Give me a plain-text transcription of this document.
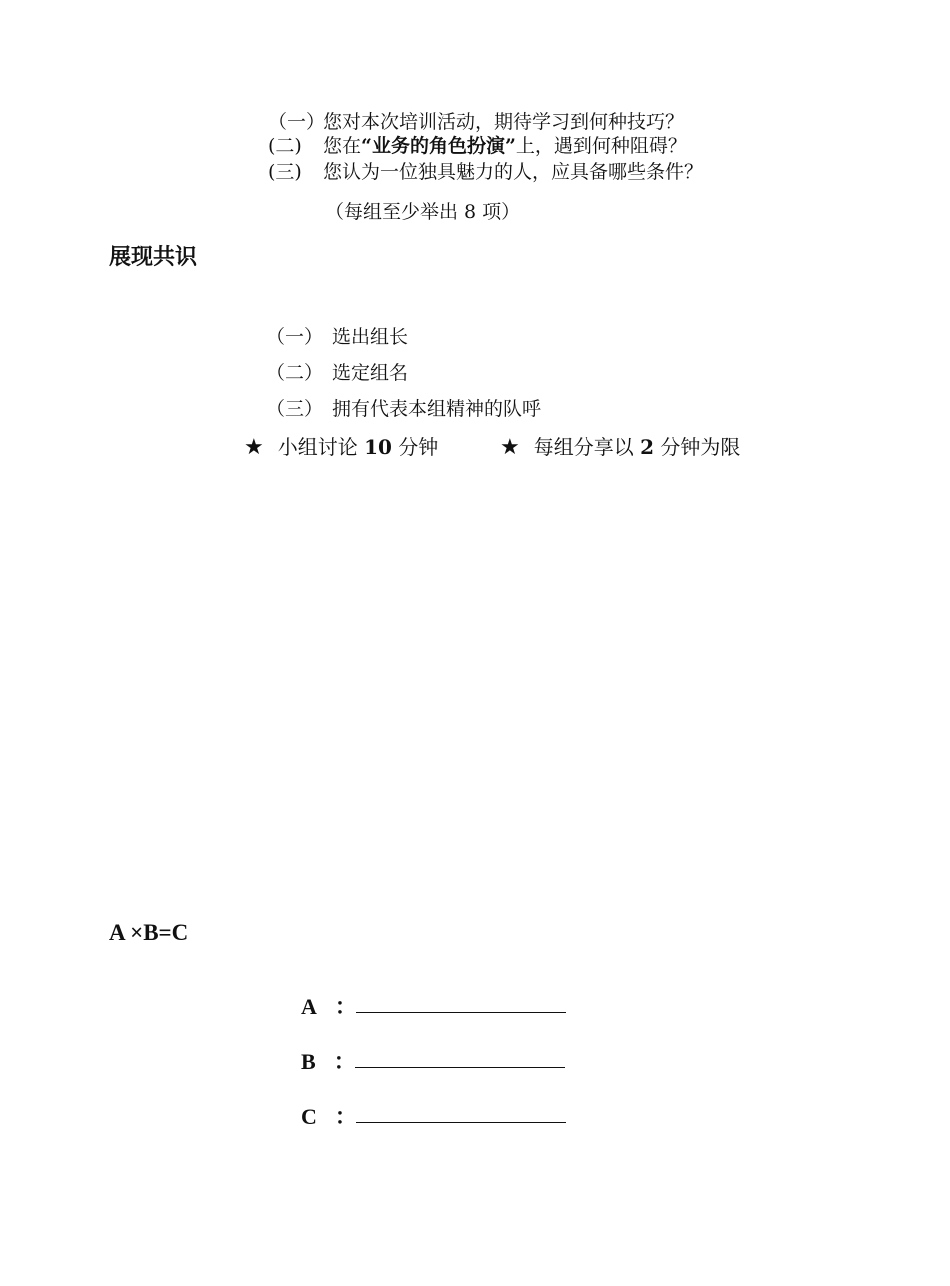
（一）您对本次培训活动，期待学习到何种技巧？
(二) 您在“业务的角色扮演”上，遇到何种阻碍？
(三) 您认为一位独具魅力的人，应具备哪些条件？
（每组至少举出 8 项）
展现共识
（一） 选出组长
（二） 选定组名
（三） 拥有代表本组精神的队呼
★ 小组讨论 10 分钟	★ 每组分享以 2 分钟为限
A ×B=C
A ：
B ：
C ：
